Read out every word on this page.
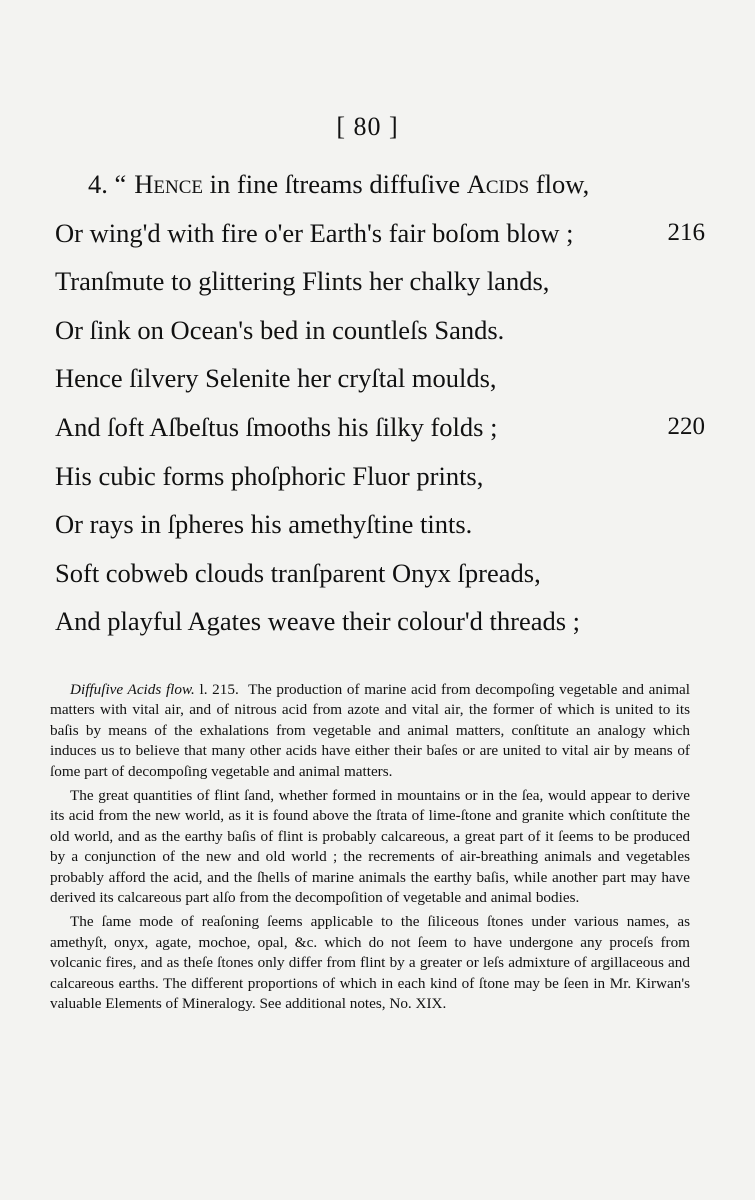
[ 80 ]
4. “ Hence in fine ſtreams diffuſive Acids flow,
Or wing'd with fire o'er Earth's fair boſom blow ;	216
Tranſmute to glittering Flints her chalky lands,
Or ſink on Ocean's bed in countleſs Sands.
Hence ſilvery Selenite her cryſtal moulds,
And ſoft Aſbeſtus ſmooths his ſilky folds ;	220
His cubic forms phoſphoric Fluor prints,
Or rays in ſpheres his amethyſtine tints.
Soft cobweb clouds tranſparent Onyx ſpreads,
And playful Agates weave their colour'd threads ;

Diffuſive Acids flow. l. 215. The production of marine acid from decompoſing vegetable and animal matters with vital air, and of nitrous acid from azote and vital air, the former of which is united to its baſis by means of the exhalations from vegetable and animal matters, conſtitute an analogy which induces us to believe that many other acids have either their baſes or are united to vital air by means of ſome part of decompoſing vegetable and animal matters.

The great quantities of flint ſand, whether formed in mountains or in the ſea, would appear to derive its acid from the new world, as it is found above the ſtrata of lime-ſtone and granite which conſtitute the old world, and as the earthy baſis of flint is probably calcareous, a great part of it ſeems to be produced by a conjunction of the new and old world ; the recrements of air-breathing animals and vegetables probably afford the acid, and the ſhells of marine animals the earthy baſis, while another part may have derived its calcareous part alſo from the decompoſition of vegetable and animal bodies.

The ſame mode of reaſoning ſeems applicable to the ſiliceous ſtones under various names, as amethyſt, onyx, agate, mochoe, opal, &c. which do not ſeem to have undergone any proceſs from volcanic fires, and as theſe ſtones only differ from flint by a greater or leſs admixture of argillaceous and calcareous earths. The different proportions of which in each kind of ſtone may be ſeen in Mr. Kirwan's valuable Elements of Mineralogy. See additional notes, No. XIX.
